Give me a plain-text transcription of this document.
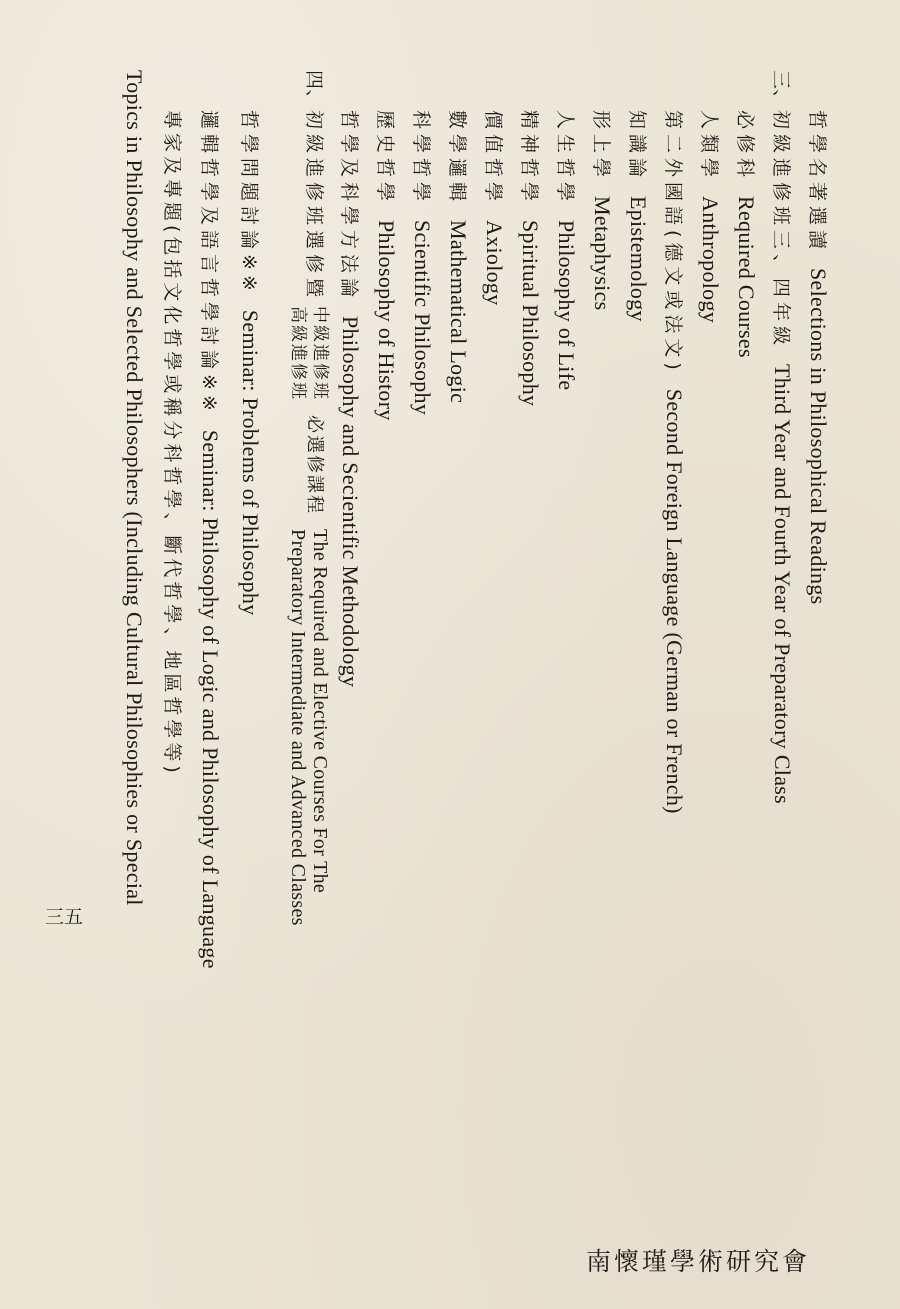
哲學名著選讀Selections in Philosophical Readings
三、初級進修班三、四年級Third Year and Fourth Year of Preparatory Class
必修科Required Courses
人類學Anthropology
第二外國語(德文或法文)Second Foreign Language (German or French)
知識論Epistemology
形上學Metaphysics
人生哲學Philosophy of Life
精神哲學Spiritual Philosophy
價值哲學Axiology
數學邏輯Mathematical Logic
科學哲學Scientific Philosophy
歷史哲學Philosophy of History
哲學及科學方法論Philosophy and Secientific Methodology
四、初級進修班選修暨
中級進修班
高級進修班
必選修課程
The Required and Elective Courses For The
Preparatory Intermediate and Advanced Classes
哲學問題討論※※Seminar: Problems of Philosophy
邏輯哲學及語言哲學討論※※Seminar: Philosophy of Logic and Philosophy of Language
專家及專題(包括文化哲學或稱分科哲學、斷代哲學、地區哲學等)
Topics in Philosophy and Selected Philosophers (Including Cultural Philosophies or Special
三五
南懷瑾學術研究會
